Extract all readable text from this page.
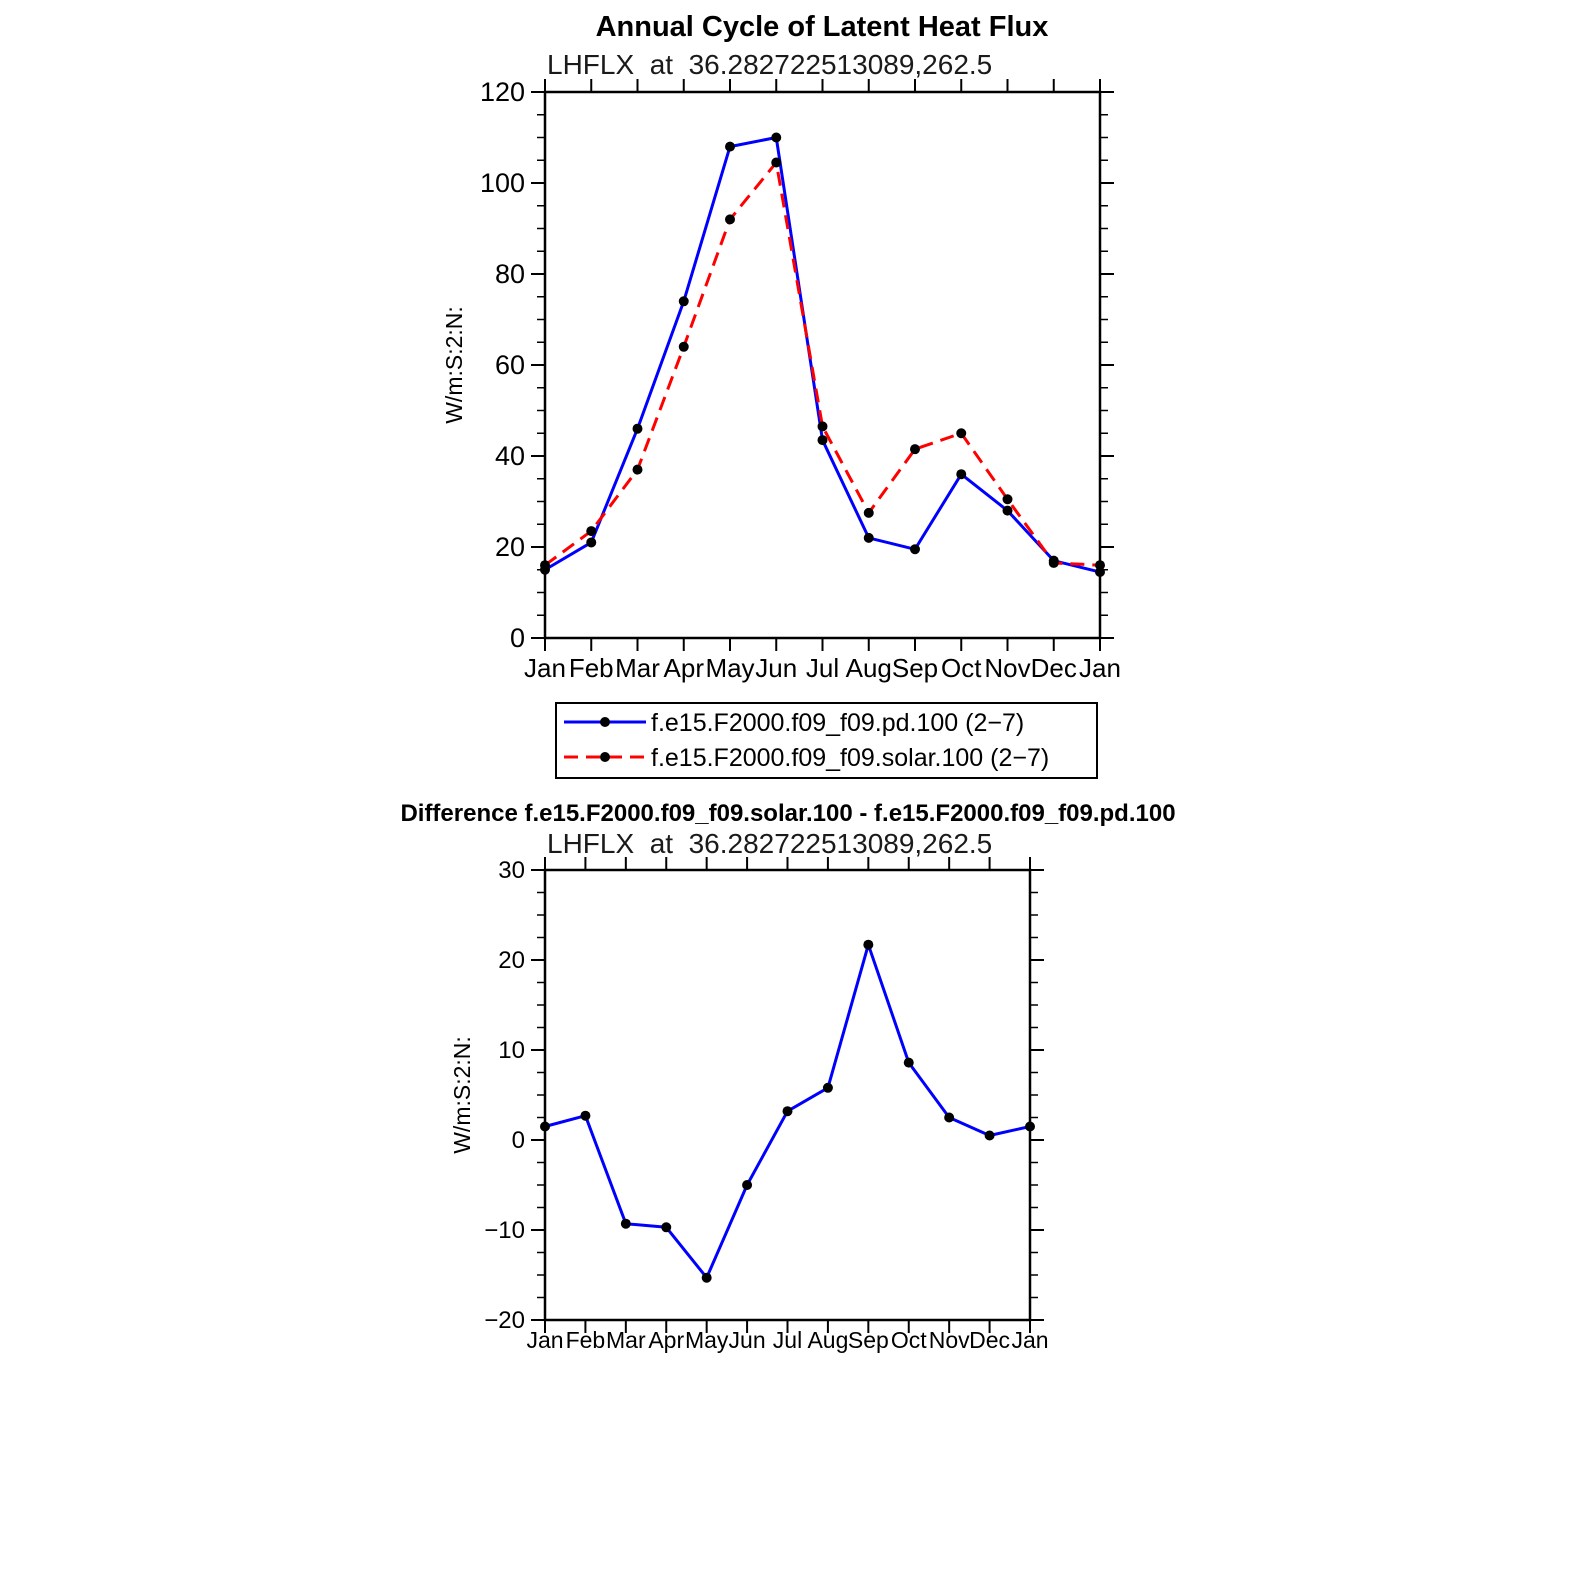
Annual Cycle of Latent Heat Flux
LHFLX  at  36.282722513089,262.5
W/m:S:2:N:
0
20
40
60
80
100
120
Jan Feb Mar Apr May Jun Jul Aug Sep Oct Nov Dec Jan
f.e15.F2000.f09_f09.pd.100 (2−7)
f.e15.F2000.f09_f09.solar.100 (2−7)
Difference f.e15.F2000.f09_f09.solar.100 - f.e15.F2000.f09_f09.pd.100
LHFLX  at  36.282722513089,262.5
W/m:S:2:N:
−20
−10
0
10
20
30
Jan Feb Mar Apr May Jun Jul Aug Sep Oct Nov Dec Jan
